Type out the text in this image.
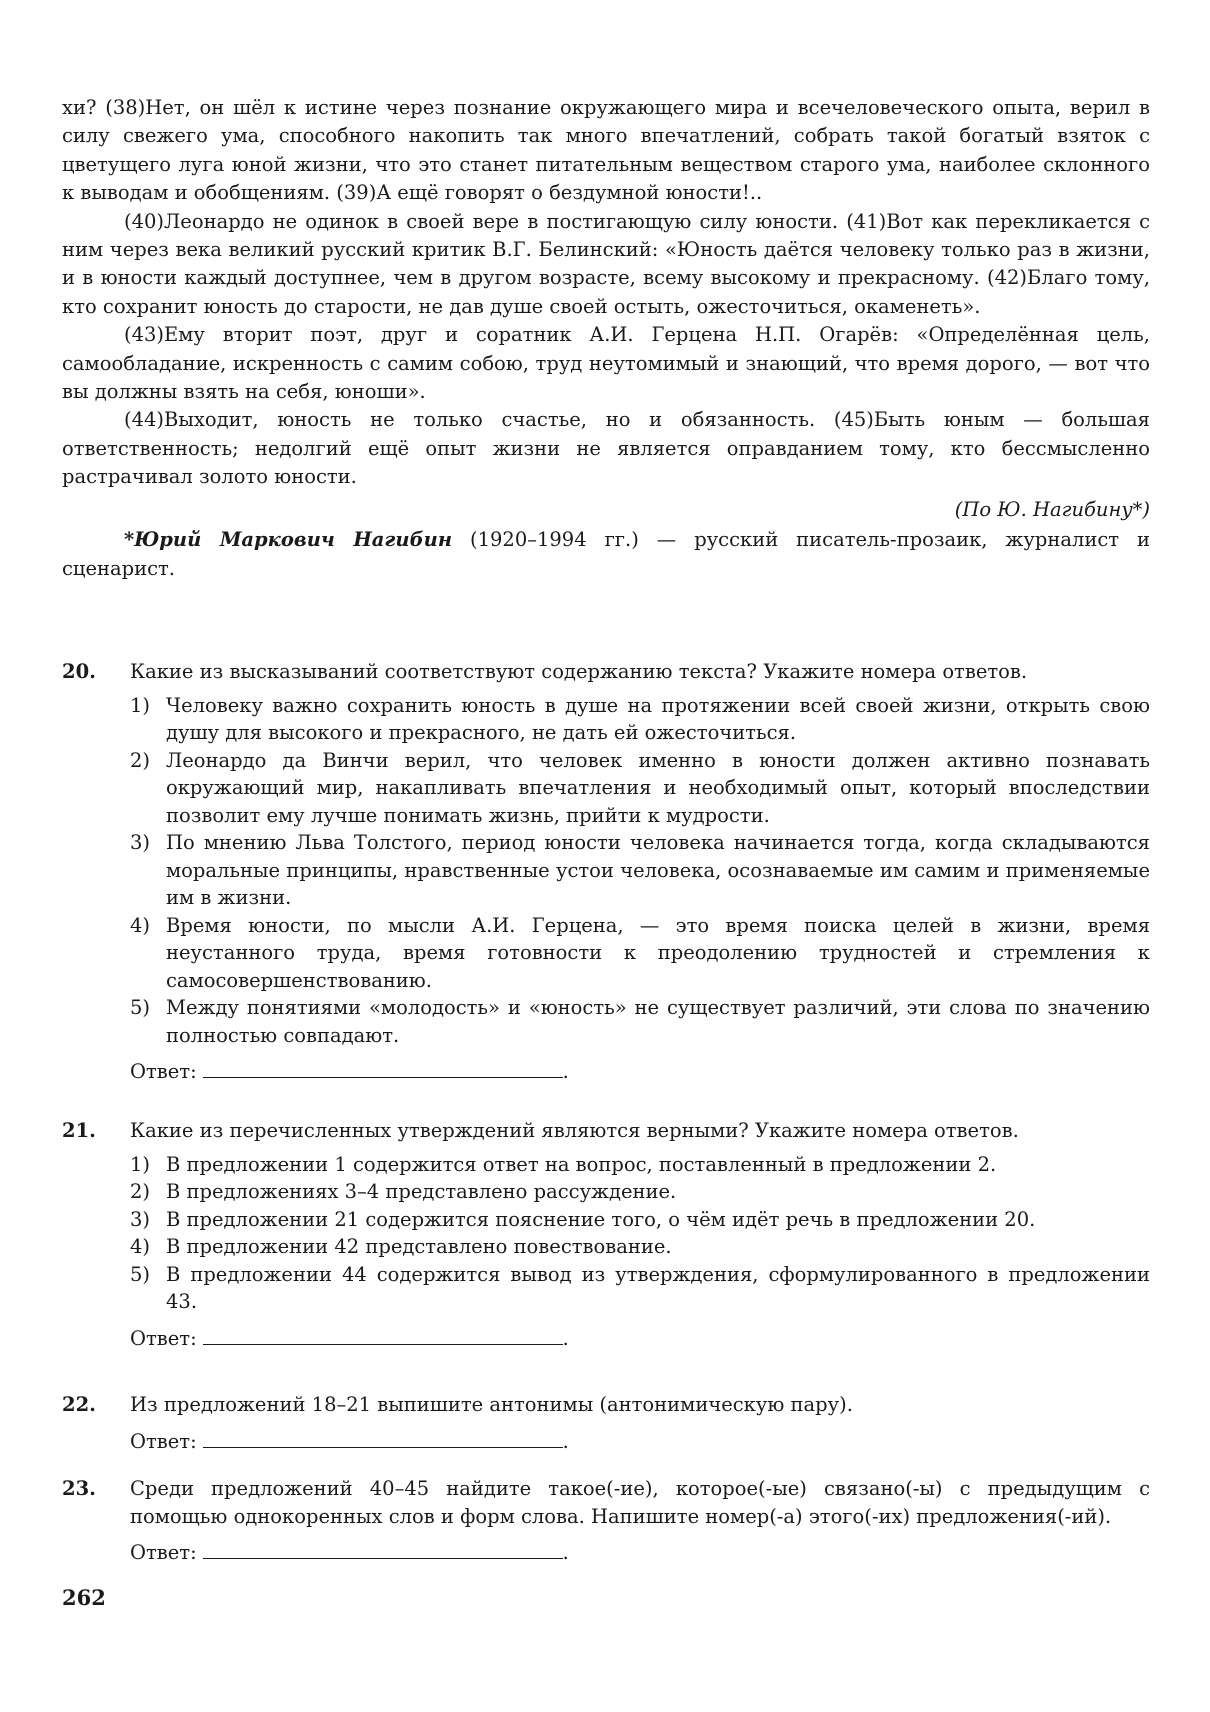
хи? (38)Нет, он шёл к истине через познание окружающего мира и всечеловеческого опыта, верил в силу свежего ума, способного накопить так много впечатлений, собрать такой богатый взяток с цветущего луга юной жизни, что это станет питательным веществом старого ума, наиболее склонного к выводам и обобщениям. (39)А ещё говорят о бездумной юности!..

(40)Леонардо не одинок в своей вере в постигающую силу юности. (41)Вот как перекликается с ним через века великий русский критик В.Г. Белинский: «Юность даётся человеку только раз в жизни, и в юности каждый доступнее, чем в другом возрасте, всему высокому и прекрасному. (42)Благо тому, кто сохранит юность до старости, не дав душе своей остыть, ожесточиться, окаменеть».

(43)Ему вторит поэт, друг и соратник А.И. Герцена Н.П. Огарёв: «Определённая цель, самообладание, искренность с самим собою, труд неутомимый и знающий, что время дорого, — вот что вы должны взять на себя, юноши».

(44)Выходит, юность не только счастье, но и обязанность. (45)Быть юным — большая ответственность; недолгий ещё опыт жизни не является оправданием тому, кто бессмысленно растрачивал золото юности.

(По Ю. Нагибину*)

*Юрий Маркович Нагибин (1920–1994 гг.) — русский писатель-прозаик, журналист и сценарист.

20. Какие из высказываний соответствуют содержанию текста? Укажите номера ответов.
1) Человеку важно сохранить юность в душе на протяжении всей своей жизни, открыть свою душу для высокого и прекрасного, не дать ей ожесточиться.
2) Леонардо да Винчи верил, что человек именно в юности должен активно познавать окружающий мир, накапливать впечатления и необходимый опыт, который впоследствии позволит ему лучше понимать жизнь, прийти к мудрости.
3) По мнению Льва Толстого, период юности человека начинается тогда, когда складываются моральные принципы, нравственные устои человека, осознаваемые им самим и применяемые им в жизни.
4) Время юности, по мысли А.И. Герцена, — это время поиска целей в жизни, время неустанного труда, время готовности к преодолению трудностей и стремления к самосовершенствованию.
5) Между понятиями «молодость» и «юность» не существует различий, эти слова по значению полностью совпадают.
Ответ:	.
21. Какие из перечисленных утверждений являются верными? Укажите номера ответов.
1) В предложении 1 содержится ответ на вопрос, поставленный в предложении 2.
2) В предложениях 3–4 представлено рассуждение.
3) В предложении 21 содержится пояснение того, о чём идёт речь в предложении 20.
4) В предложении 42 представлено повествование.
5) В предложении 44 содержится вывод из утверждения, сформулированного в предложении 43.
Ответ:	.
22. Из предложений 18–21 выпишите антонимы (антонимическую пару).
Ответ:	.
23. Среди предложений 40–45 найдите такое(-ие), которое(-ые) связано(-ы) с предыдущим с помощью однокоренных слов и форм слова. Напишите номер(-а) этого(-их) предложения(-ий).
Ответ:	.
262
